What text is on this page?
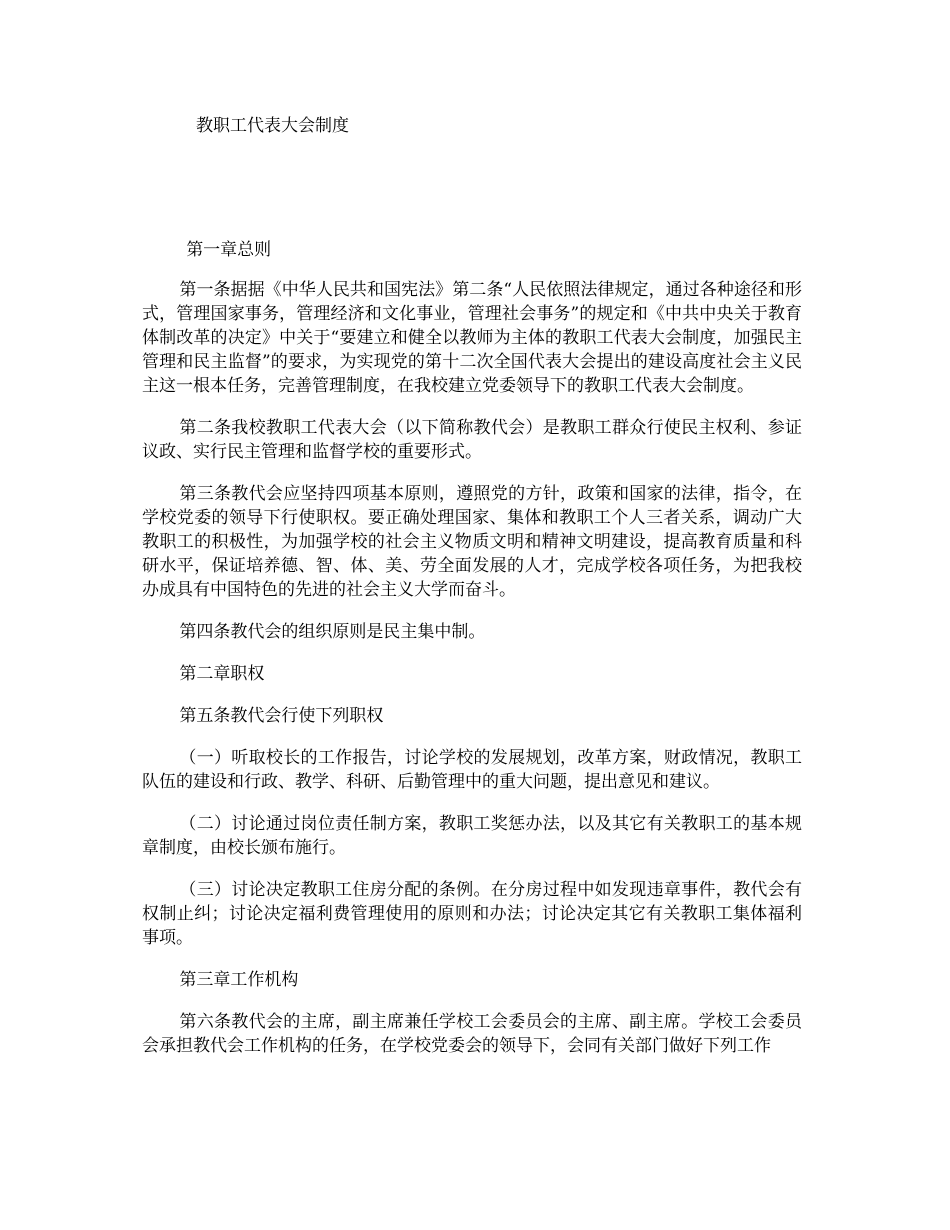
教职工代表大会制度

第一章总则

第一条据据《中华人民共和国宪法》第二条“人民依照法律规定，通过各种途径和形式，管理国家事务，管理经济和文化事业，管理社会事务”的规定和《中共中央关于教育体制改革的决定》中关于“要建立和健全以教师为主体的教职工代表大会制度，加强民主管理和民主监督”的要求，为实现党的第十二次全国代表大会提出的建设高度社会主义民主这一根本任务，完善管理制度，在我校建立党委领导下的教职工代表大会制度。

第二条我校教职工代表大会（以下简称教代会）是教职工群众行使民主权利、参证议政、实行民主管理和监督学校的重要形式。

第三条教代会应坚持四项基本原则，遵照党的方针，政策和国家的法律，指令，在学校党委的领导下行使职权。要正确处理国家、集体和教职工个人三者关系，调动广大教职工的积极性，为加强学校的社会主义物质文明和精神文明建设，提高教育质量和科研水平，保证培养德、智、体、美、劳全面发展的人才，完成学校各项任务，为把我校办成具有中国特色的先进的社会主义大学而奋斗。

第四条教代会的组织原则是民主集中制。

第二章职权

第五条教代会行使下列职权

（一）听取校长的工作报告，讨论学校的发展规划，改革方案，财政情况，教职工队伍的建设和行政、教学、科研、后勤管理中的重大问题，提出意见和建议。

（二）讨论通过岗位责任制方案，教职工奖惩办法，以及其它有关教职工的基本规章制度，由校长颁布施行。

（三）讨论决定教职工住房分配的条例。在分房过程中如发现违章事件，教代会有权制止纠；讨论决定福利费管理使用的原则和办法；讨论决定其它有关教职工集体福利事项。

第三章工作机构

第六条教代会的主席，副主席兼任学校工会委员会的主席、副主席。学校工会委员会承担教代会工作机构的任务，在学校党委会的领导下，会同有关部门做好下列工作
